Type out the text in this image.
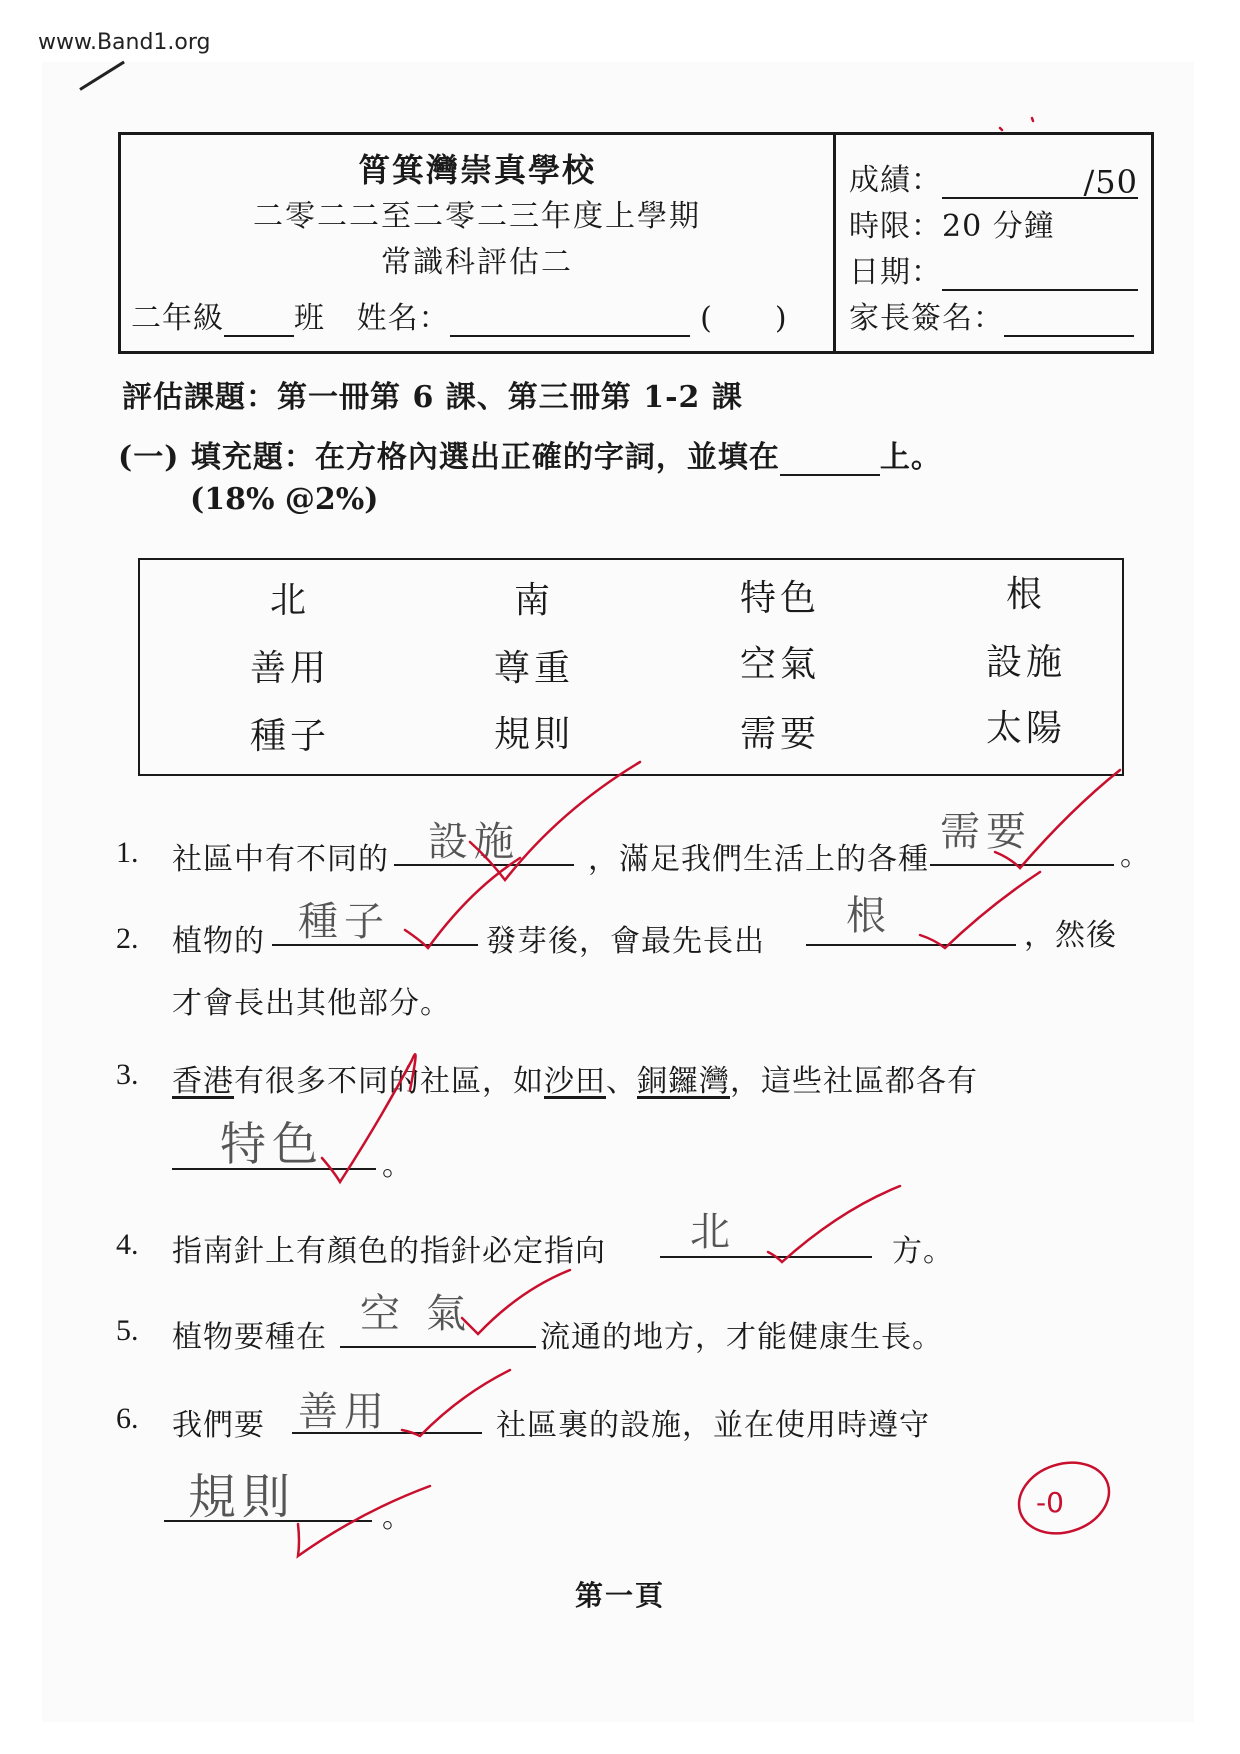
www.Band1.org
筲箕灣崇真學校
二零二二至二零二三年度上學期
常識科評估二
二年級 班 姓名：	( )
成績：	/50
時限：20 分鐘
日期：
家長簽名：
評估課題：第一冊第 6 課、第三冊第 1-2 課
(一) 填充題：在方格內選出正確的字詞，並填在	上。
(18% @2%)
北	南	特色	根
善用	尊重	空氣	設施
種子	規則	需要	太陽
1. 社區中有不同的 設施 ，滿足我們生活上的各種
需要
。
2. 植物的 種子	發芽後，會最先長出
根	，然後
才會長出其他部分。
3. 香港有很多不同的社區，如沙田、銅鑼灣，這些社區都各有
特色 。
4. 指南針上有顏色的指針必定指向 北	方。
5. 植物要種在
空氣
流通的地方，才能健康生長。
6. 我們要 善用	社區裏的設施，並在使用時遵守
規則	。	-0
第一頁
